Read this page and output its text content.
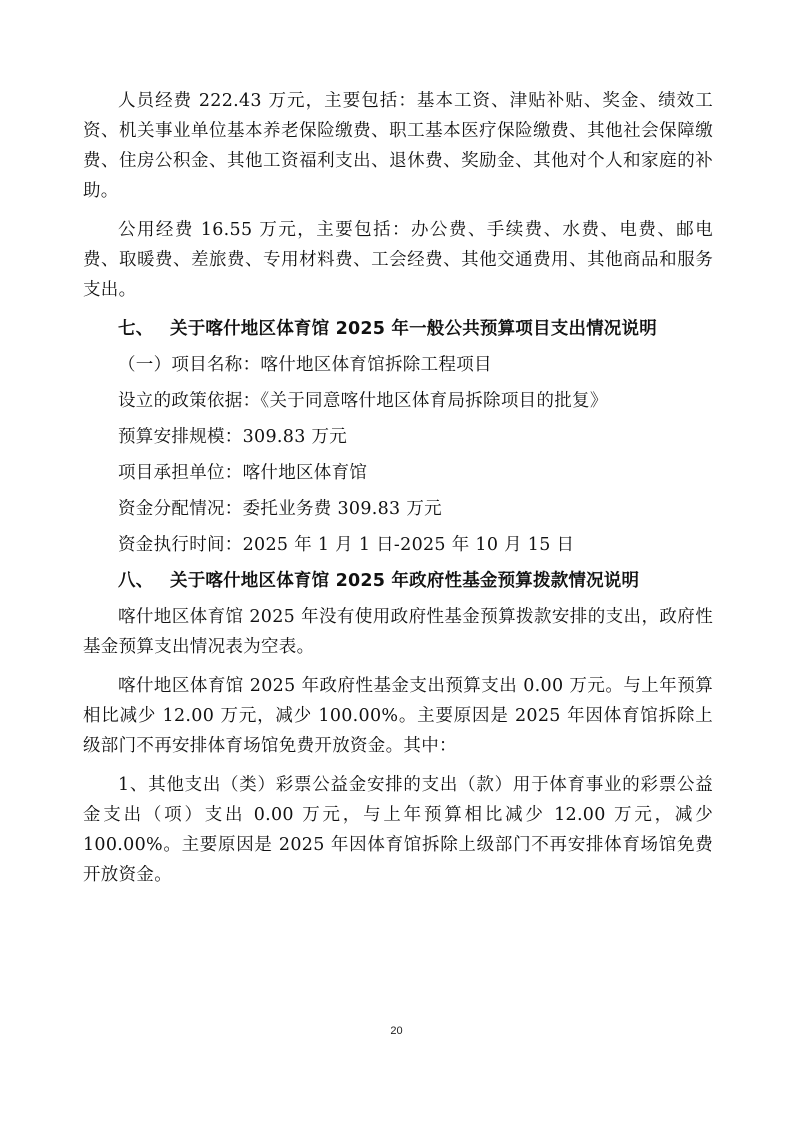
人员经费 222.43 万元，主要包括：基本工资、津贴补贴、奖金、绩效工资、机关事业单位基本养老保险缴费、职工基本医疗保险缴费、其他社会保障缴费、住房公积金、其他工资福利支出、退休费、奖励金、其他对个人和家庭的补助。

公用经费 16.55 万元，主要包括：办公费、手续费、水费、电费、邮电费、取暖费、差旅费、专用材料费、工会经费、其他交通费用、其他商品和服务支出。

七、 关于喀什地区体育馆 2025 年一般公共预算项目支出情况说明

（一）项目名称：喀什地区体育馆拆除工程项目

设立的政策依据：《关于同意喀什地区体育局拆除项目的批复》

预算安排规模：309.83 万元

项目承担单位：喀什地区体育馆

资金分配情况：委托业务费 309.83 万元

资金执行时间：2025 年 1 月 1 日-2025 年 10 月 15 日

八、 关于喀什地区体育馆 2025 年政府性基金预算拨款情况说明

喀什地区体育馆 2025 年没有使用政府性基金预算拨款安排的支出，政府性基金预算支出情况表为空表。

喀什地区体育馆 2025 年政府性基金支出预算支出 0.00 万元。与上年预算相比减少 12.00 万元，减少 100.00%。主要原因是 2025 年因体育馆拆除上级部门不再安排体育场馆免费开放资金。其中：

1、其他支出（类）彩票公益金安排的支出（款）用于体育事业的彩票公益金支出（项）支出 0.00 万元，与上年预算相比减少 12.00 万元，减少 100.00%。主要原因是 2025 年因体育馆拆除上级部门不再安排体育场馆免费开放资金。

20
